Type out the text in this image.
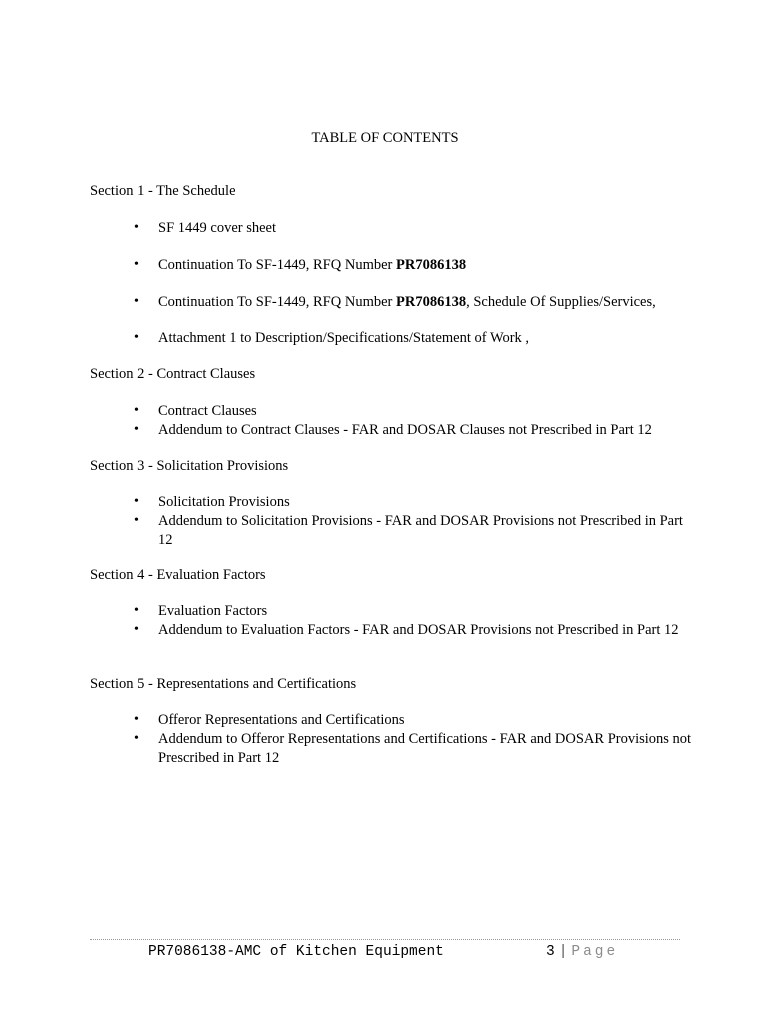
TABLE OF CONTENTS
Section 1 - The Schedule
• SF 1449 cover sheet
• Continuation To SF-1449, RFQ Number PR7086138
• Continuation To SF-1449, RFQ Number PR7086138, Schedule Of Supplies/Services,
• Attachment 1 to Description/Specifications/Statement of Work ,
Section 2 - Contract Clauses
• Contract Clauses
• Addendum to Contract Clauses - FAR and DOSAR Clauses not Prescribed in Part 12
Section 3 - Solicitation Provisions
• Solicitation Provisions
• Addendum to Solicitation Provisions - FAR and DOSAR Provisions not Prescribed in Part 12
Section 4 - Evaluation Factors
• Evaluation Factors
• Addendum to Evaluation Factors - FAR and DOSAR Provisions not Prescribed in Part 12
Section 5 - Representations and Certifications
• Offeror Representations and Certifications
• Addendum to Offeror Representations and Certifications - FAR and DOSAR Provisions not Prescribed in Part 12
PR7086138-AMC of Kitchen Equipment	3 | Page
